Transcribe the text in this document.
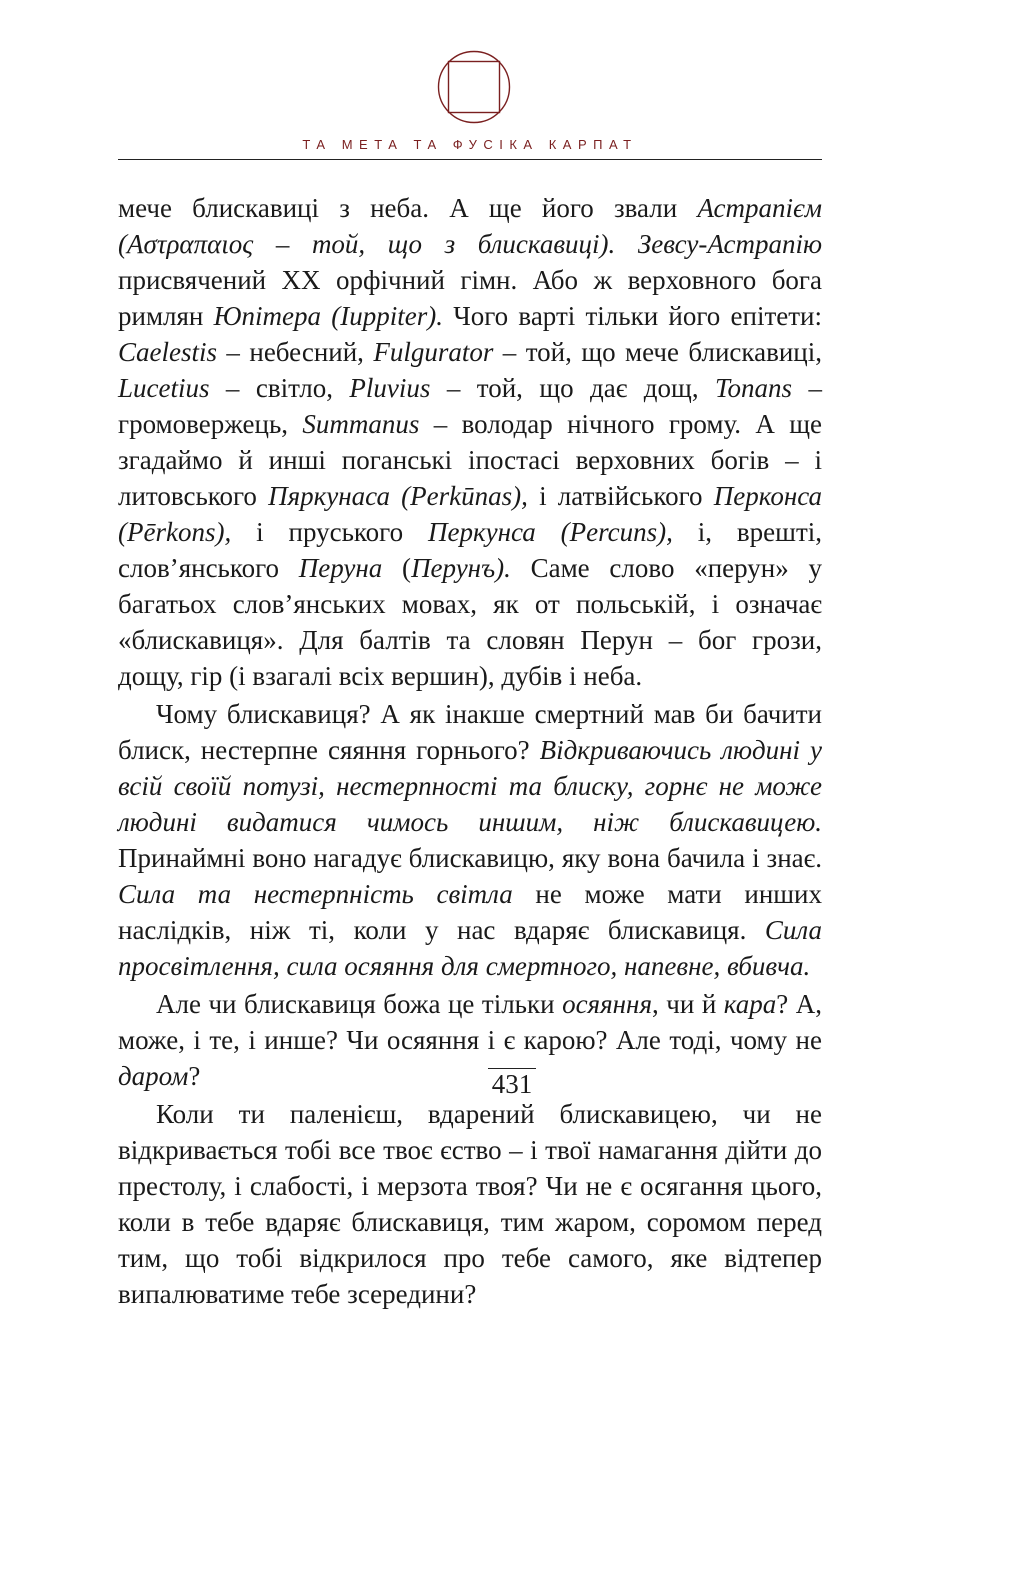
ТА МЕТА ТА ФУСІКА КАРПАТ

мече блискавиці з неба. А ще його звали Астрапієм (Αστραπαιος – той, що з блискавиці). Зевсу-Астрапію присвячений XX орфічний гімн. Або ж верховного бога римлян Юпітера (Iuppiter). Чого варті тільки його епітети: Caelestis – небесний, Fulgurator – той, що мече блискавиці, Lucetius – світло, Pluvius – той, що дає дощ, Tonans – громовержець, Summanus – володар нічного грому. А ще згадаймо й инші поганські іпостасі верховних богів – і литовського Пяркунаса (Perkūnas), і латвійського Перконса (Pērkons), і пруського Перкунса (Percuns), і, врешті, слов’янського Перуна (Перунъ). Саме слово «перун» у багатьох слов’янських мовах, як от польській, і означає «блискавиця». Для балтів та словян Перун – бог грози, дощу, гір (і взагалі всіх вершин), дубів і неба.

Чому блискавиця? А як інакше смертний мав би бачити блиск, нестерпне сяяння горнього? Відкриваючись людині у всій своїй потузі, нестерпності та блиску, горнє не може людині видатися чимось иншим, ніж блискавицею. Принаймні воно нагадує блискавицю, яку вона бачила і знає. Сила та нестерпність світла не може мати инших наслідків, ніж ті, коли у нас вдаряє блискавиця. Сила просвітлення, сила осяяння для смертного, напевне, вбивча.

Але чи блискавиця божа це тільки осяяння, чи й кара? А, може, і те, і инше? Чи осяяння і є карою? Але тоді, чому не даром?

Коли ти паленієш, вдарений блискавицею, чи не відкривається тобі все твоє єство – і твої намагання дійти до престолу, і слабості, і мерзота твоя? Чи не є осягання цього, коли в тебе вдаряє блискавиця, тим жаром, соромом перед тим, що тобі відкрилося про тебе самого, яке відтепер випалюватиме тебе зсередини?

431
